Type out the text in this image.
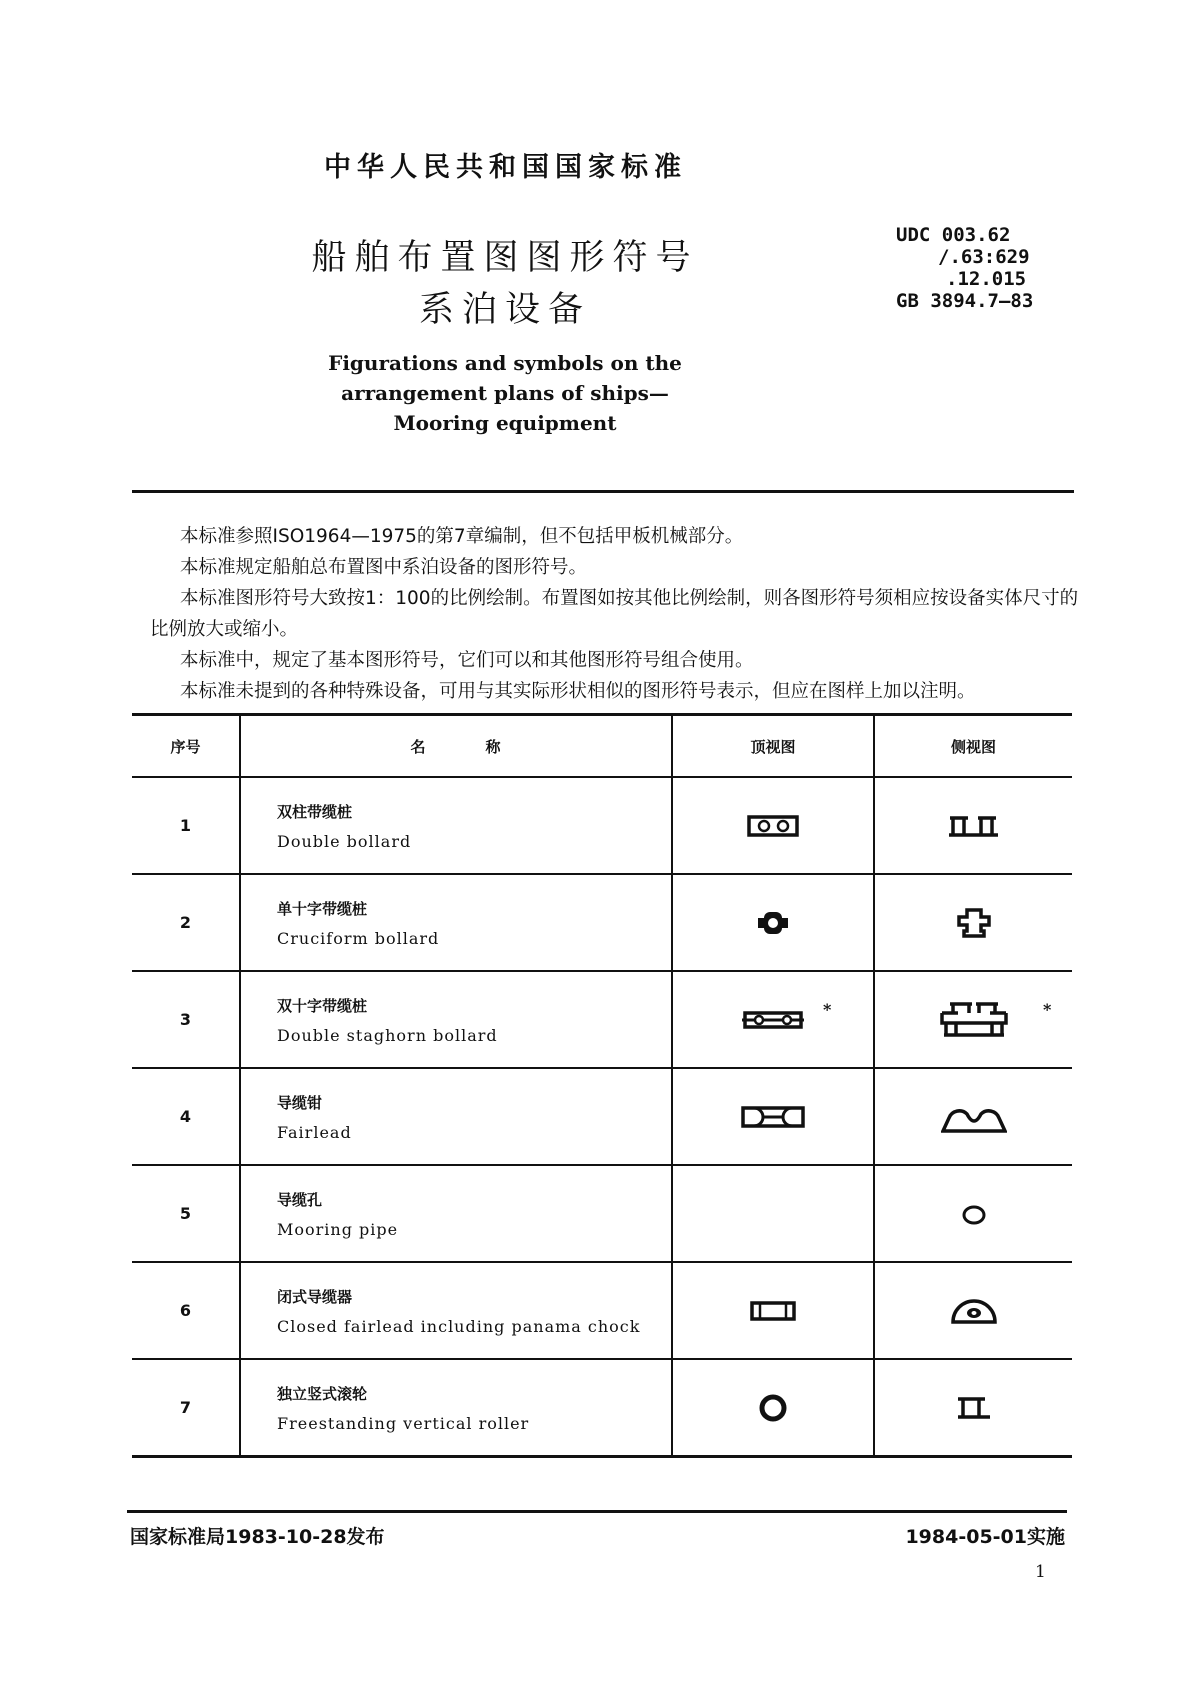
中华人民共和国国家标准
船舶布置图图形符号
系泊设备
UDC 003.62
/.63:629
.12.015
GB 3894.7—83
Figurations and symbols on the
arrangement plans of ships—
Mooring equipment

本标准参照ISO1964—1975的第7章编制，但不包括甲板机械部分。

本标准规定船舶总布置图中系泊设备的图形符号。

本标准图形符号大致按1：100的比例绘制。布置图如按其他比例绘制，则各图形符号须相应按设备实体尺寸的比例放大或缩小。

本标准中，规定了基本图形符号，它们可以和其他图形符号组合使用。

本标准未提到的各种特殊设备，可用与其实际形状相似的图形符号表示，但应在图样上加以注明。

序号	名　　　　称	顶视图	侧视图
1	双柱带缆桩
Double bollard

2	单十字带缆桩
Cruciform bollard

3	双十字带缆桩
Double staghorn bollard	*	*

4	导缆钳
Fairlead

5	导缆孔
Mooring pipe

6	闭式导缆器
Closed fairlead including panama chock

7	独立竖式滚轮
Freestanding vertical roller

国家标准局1983-10-28发布	1984-05-01实施
1
